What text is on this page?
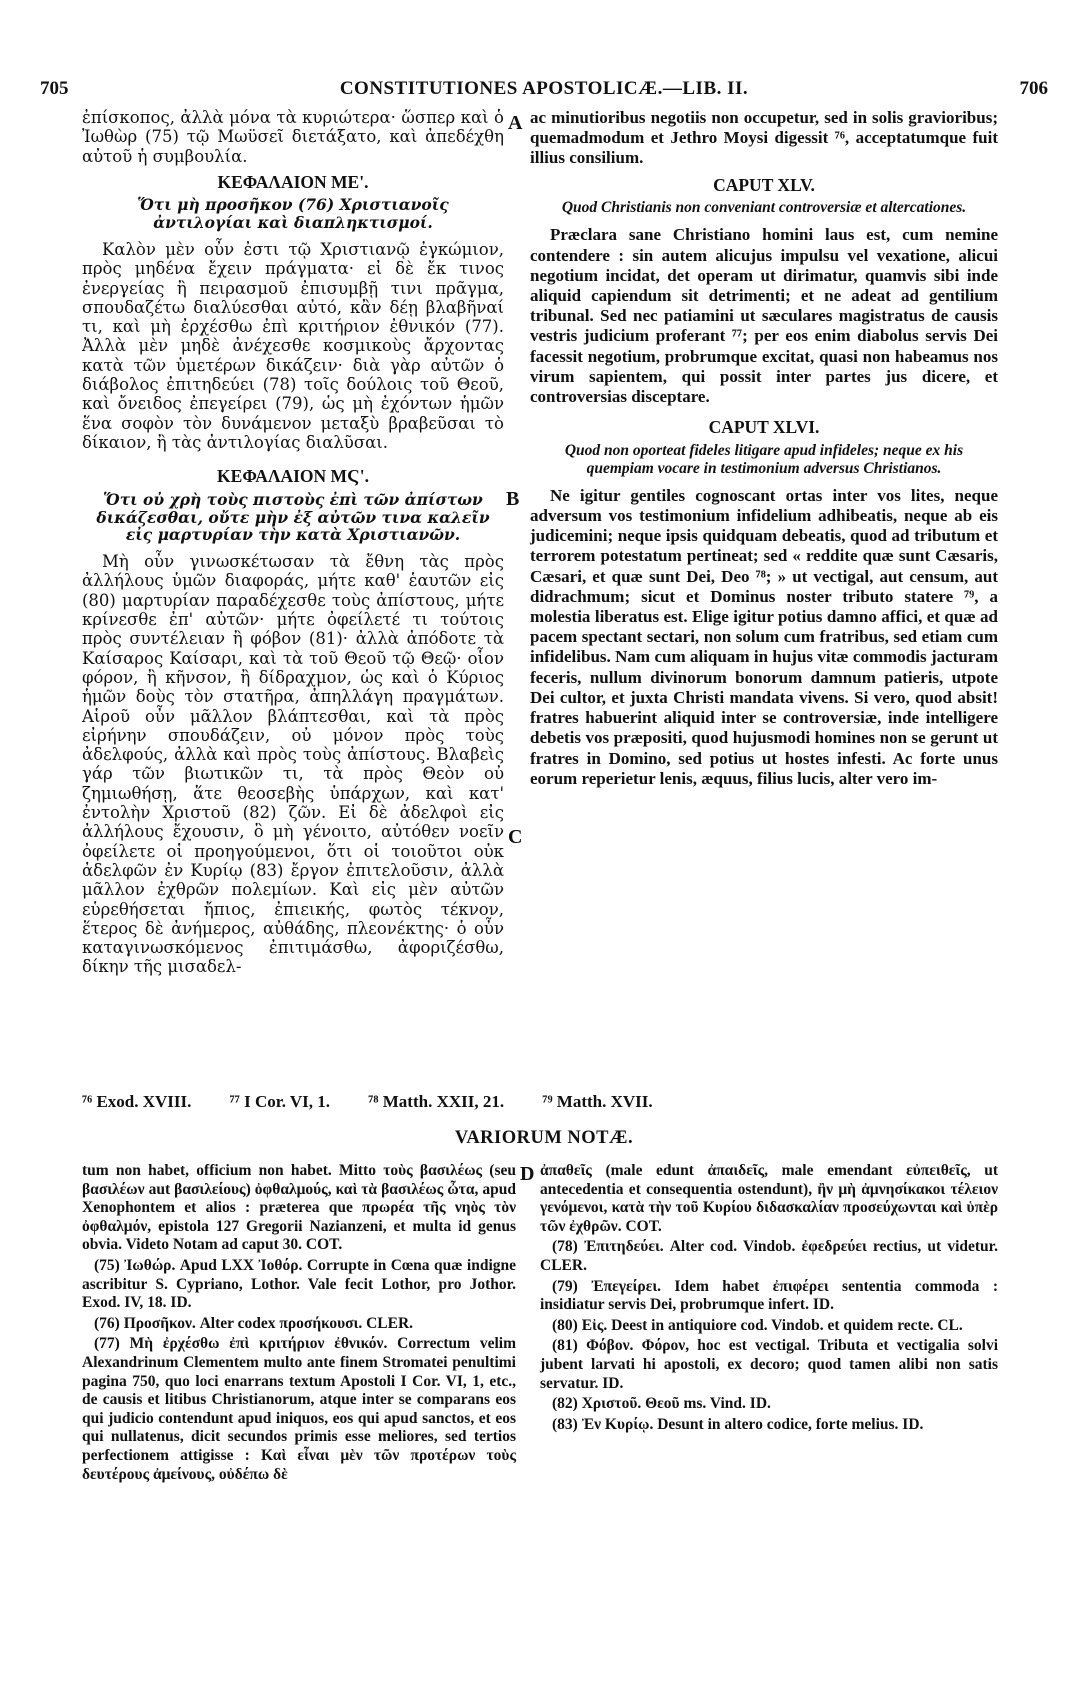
705	CONSTITUTIONES APOSTOLICÆ.—LIB. II.	706
ἐπίσκοπος, ἀλλὰ μόνα τὰ κυριώτερα· ὥσπερ καὶ ὁ Ἰωθὼρ (75) τῷ Μωϋσεῖ διετάξατο, καὶ ἀπεδέχθη αὐτοῦ ἡ συμβουλία.
ΚΕΦΑΛΑΙΟΝ ΜΕ'.
Ὅτι μὴ πρoσῆκον (76) Χριστιανοῖς ἀντιλογίαι καὶ διαπληκτισμοί.
Καλὸν μὲν οὖν ἐστι τῷ Χριστιανῷ ἐγκώμιον, πρὸς μηδένα ἔχειν πράγματα· εἰ δὲ ἔκ τινος ἐνεργείας ἢ πειρασμοῦ ἐπισυμβῇ τινι πρᾶγμα, σπουδαζέτω διαλύεσθαι αὐτό, κἂν δέῃ βλαβῆναί τι, καὶ μὴ ἐρχέσθω ἐπὶ κριτήριον ἐθνικόν (77). Ἀλλὰ μὲν μηδὲ ἀνέχεσθε κοσμικοὺς ἄρχοντας κατὰ τῶν ὑμετέρων δικάζειν· διὰ γὰρ αὐτῶν ὁ διάβολος ἐπιτηδεύει (78) τοῖς δούλοις τοῦ Θεοῦ, καὶ ὄνειδος ἐπεγείρει (79), ὡς μὴ ἐχόντων ἡμῶν ἕνα σοφὸν τὸν δυνάμενον μεταξὺ βραβεῦσαι τὸ δίκαιον, ἢ τὰς ἀντιλογίας διαλῦσαι.
ΚΕΦΑΛΑΙΟΝ ΜϚ'.
Ὅτι οὐ χρὴ τοὺς πιστοὺς ἐπὶ τῶν ἀπίστων δικάζεσθαι, οὔτε μὴν ἐξ αὐτῶν τινα καλεῖν εἰς μαρτυρίαν τὴν κατὰ Χριστιανῶν.
Μὴ οὖν γινωσκέτωσαν τὰ ἔθνη τὰς πρὸς ἀλλήλους ὑμῶν διαφοράς, μήτε καθ' ἑαυτῶν εἰς (80) μαρτυρίαν παραδέχεσθε τοὺς ἀπίστους, μήτε κρίνεσθε ἐπ' αὐτῶν· μήτε ὀφείλετέ τι τούτοις πρὸς συντέλειαν ἢ φόβον (81)· ἀλλὰ ἀπόδοτε τὰ Καίσαρος Καίσαρι, καὶ τὰ τοῦ Θεοῦ τῷ Θεῷ· οἷον φόρον, ἢ κῆνσον, ἢ δίδραχμον, ὡς καὶ ὁ Κύριος ἡμῶν δοὺς τὸν στατῆρα, ἀπηλλάγη πραγμάτων. Αἱροῦ οὖν μᾶλλον βλάπτεσθαι, καὶ τὰ πρὸς εἰρήνην σπουδάζειν, οὐ μόνον πρὸς τοὺς ἀδελφούς, ἀλλὰ καὶ πρὸς τοὺς ἀπίστους. Βλαβεὶς γάρ τῶν βιωτικῶν τι, τὰ πρὸς Θεὸν οὐ ζημιωθήσῃ, ἅτε θεοσεβὴς ὑπάρχων, καὶ κατ' ἐντολὴν Χριστοῦ (82) ζῶν. Εἰ δὲ ἀδελφοὶ εἰς ἀλλήλους ἔχουσιν, ὃ μὴ γένοιτο, αὐτόθεν νοεῖν ὀφείλετε οἱ προηγούμενοι, ὅτι οἱ τοιοῦτοι οὐκ ἀδελφῶν ἐν Κυρίῳ (83) ἔργον ἐπιτελοῦσιν, ἀλλὰ μᾶλλον ἐχθρῶν πολεμίων. Καὶ εἰς μὲν αὐτῶν εὑρεθήσεται ἤπιος, ἐπιεικής, φωτὸς τέκνον, ἕτερος δὲ ἀνήμερος, αὐθάδης, πλεονέκτης· ὁ οὖν καταγινωσκόμενος ἐπιτιμάσθω, ἀφοριζέσθω, δίκην τῆς μισαδελ-
ac minutioribus negotiis non occupetur, sed in solis gravioribus; quemadmodum et Jethro Moysi digessit ⁷⁶, acceptatumque fuit illius consilium.
CAPUT XLV.
Quod Christianis non conveniant controversiæ et altercationes.
Præclara sane Christiano homini laus est, cum nemine contendere : sin autem alicujus impulsu vel vexatione, alicui negotium incidat, det operam ut dirimatur, quamvis sibi inde aliquid capiendum sit detrimenti; et ne adeat ad gentilium tribunal. Sed nec patiamini ut sæculares magistratus de causis vestris judicium proferant ⁷⁷; per eos enim diabolus servis Dei facessit negotium, probrumque excitat, quasi non habeamus nos virum sapientem, qui possit inter partes jus dicere, et controversias disceptare.
CAPUT XLVI.
Quod non oporteat fideles litigare apud infideles; neque ex his quempiam vocare in testimonium adversus Christianos.
Ne igitur gentiles cognoscant ortas inter vos lites, neque adversum vos testimonium infidelium adhibeatis, neque ab eis judicemini; neque ipsis quidquam debeatis, quod ad tributum et terrorem potestatum pertineat; sed « reddite quæ sunt Cæsaris, Cæsari, et quæ sunt Dei, Deo ⁷⁸; » ut vectigal, aut censum, aut didrachmum; sicut et Dominus noster tributo statere ⁷⁹, a molestia liberatus est. Elige igitur potius damno affici, et quæ ad pacem spectant sectari, non solum cum fratribus, sed etiam cum infidelibus. Nam cum aliquam in hujus vitæ commodis jacturam feceris, nullum divinorum bonorum damnum patieris, utpote Dei cultor, et juxta Christi mandata vivens. Si vero, quod absit! fratres habuerint aliquid inter se controversiæ, inde intelligere debetis vos præpositi, quod hujusmodi homines non se gerunt ut fratres in Domino, sed potius ut hostes infesti. Ac forte unus eorum reperietur lenis, æquus, filius lucis, alter vero im-
A
B
C
D
⁷⁶ Exod. XVIII. ⁷⁷ I Cor. VI, 1. ⁷⁸ Matth. XXII, 21. ⁷⁹ Matth. XVII.
VARIORUM NOTÆ.
tum non habet, officium non habet. Mitto τοὺς βασιλέως (seu βασιλέων aut βασιλείους) ὀφθαλμούς, καὶ τὰ βασιλέως ὦτα, apud Xenophontem et alios : præterea que πρωρέα τῆς νηὸς τὸν ὀφθαλμόν, epistola 127 Gregorii Nazianzeni, et multa id genus obvia. Videto Notam ad caput 30. COT.
(75) Ἰωθώρ. Apud LXX Ἰοθόρ. Corrupte in Cœna quæ indigne ascribitur S. Cypriano, Lothor. Vale fecit Lothor, pro Jothor. Exod. IV, 18. ID.
(76) Προσῆκον. Alter codex προσήκουσι. CLER.
(77) Μὴ ἐρχέσθω ἐπὶ κριτήριον ἐθνικόν. Correctum velim Alexandrinum Clementem multo ante finem Stromatei penultimi pagina 750, quo loci enarrans textum Apostoli I Cor. VI, 1, etc., de causis et litibus Christianorum, atque inter se comparans eos qui judicio contendunt apud iniquos, eos qui apud sanctos, et eos qui nullatenus, dicit secundos primis esse meliores, sed tertios perfectionem attigisse : Καὶ εἶναι μὲν τῶν προτέρων τοὺς δευτέρους ἀμείνους, οὐδέπω δὲ
ἀπαθεῖς (male edunt ἀπαιδεῖς, male emendant εὐπειθεῖς, ut antecedentia et consequentia ostendunt), ἢν μὴ ἀμνησίκακοι τέλειον γενόμενοι, κατὰ τὴν τοῦ Κυρίου διδασκαλίαν προσεύχωνται καὶ ὑπὲρ τῶν ἐχθρῶν. COT.
(78) Ἐπιτηδεύει. Alter cod. Vindob. ἐφεδρεύει rectius, ut videtur. CLER.
(79) Ἐπεγείρει. Idem habet ἐπιφέρει sententia commoda : insidiatur servis Dei, probrumque infert. ID.
(80) Εἰς. Deest in antiquiore cod. Vindob. et quidem recte. CL.
(81) Φόβον. Φόρον, hoc est vectigal. Tributa et vectigalia solvi jubent larvati hi apostoli, ex decoro; quod tamen alibi non satis servatur. ID.
(82) Χριστοῦ. Θεοῦ ms. Vind. ID.
(83) Ἐν Κυρίῳ. Desunt in altero codice, forte melius. ID.
